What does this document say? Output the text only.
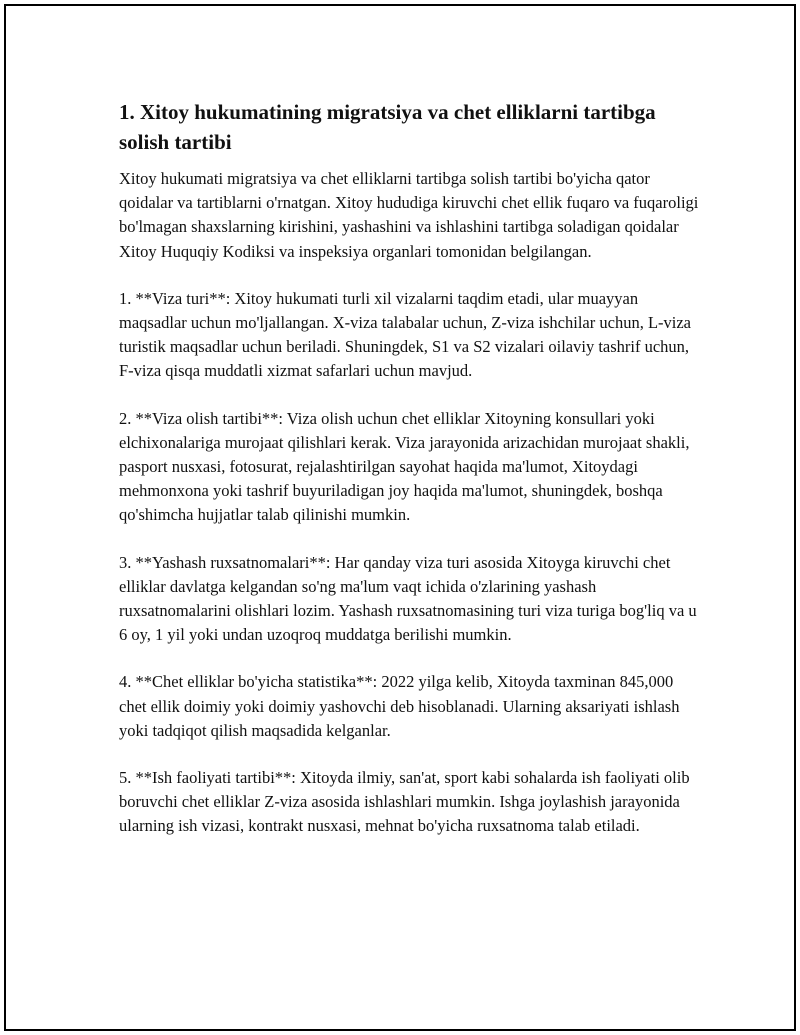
1. Xitoy hukumatining migratsiya va chet elliklarni tartibga solish tartibi

Xitoy hukumati migratsiya va chet elliklarni tartibga solish tartibi bo'yicha qator qoidalar va tartiblarni o'rnatgan. Xitoy hududiga kiruvchi chet ellik fuqaro va fuqaroligi bo'lmagan shaxslarning kirishini, yashashini va ishlashini tartibga soladigan qoidalar Xitoy Huquqiy Kodiksi va inspeksiya organlari tomonidan belgilangan.

1. **Viza turi**: Xitoy hukumati turli xil vizalarni taqdim etadi, ular muayyan maqsadlar uchun mo'ljallangan. X-viza talabalar uchun, Z-viza ishchilar uchun, L-viza turistik maqsadlar uchun beriladi. Shuningdek, S1 va S2 vizalari oilaviy tashrif uchun, F-viza qisqa muddatli xizmat safarlari uchun mavjud.

2. **Viza olish tartibi**: Viza olish uchun chet elliklar Xitoyning konsullari yoki elchixonalariga murojaat qilishlari kerak. Viza jarayonida arizachidan murojaat shakli, pasport nusxasi, fotosurat, rejalashtirilgan sayohat haqida ma'lumot, Xitoydagi mehmonxona yoki tashrif buyuriladigan joy haqida ma'lumot, shuningdek, boshqa qo'shimcha hujjatlar talab qilinishi mumkin.

3. **Yashash ruxsatnomalari**: Har qanday viza turi asosida Xitoyga kiruvchi chet elliklar davlatga kelgandan so'ng ma'lum vaqt ichida o'zlarining yashash ruxsatnomalarini olishlari lozim. Yashash ruxsatnomasining turi viza turiga bog'liq va u 6 oy, 1 yil yoki undan uzoqroq muddatga berilishi mumkin.

4. **Chet elliklar bo'yicha statistika**: 2022 yilga kelib, Xitoyda taxminan 845,000 chet ellik doimiy yoki doimiy yashovchi deb hisoblanadi. Ularning aksariyati ishlash yoki tadqiqot qilish maqsadida kelganlar.

5. **Ish faoliyati tartibi**: Xitoyda ilmiy, san'at, sport kabi sohalarda ish faoliyati olib boruvchi chet elliklar Z-viza asosida ishlashlari mumkin. Ishga joylashish jarayonida ularning ish vizasi, kontrakt nusxasi, mehnat bo'yicha ruxsatnoma talab etiladi.
